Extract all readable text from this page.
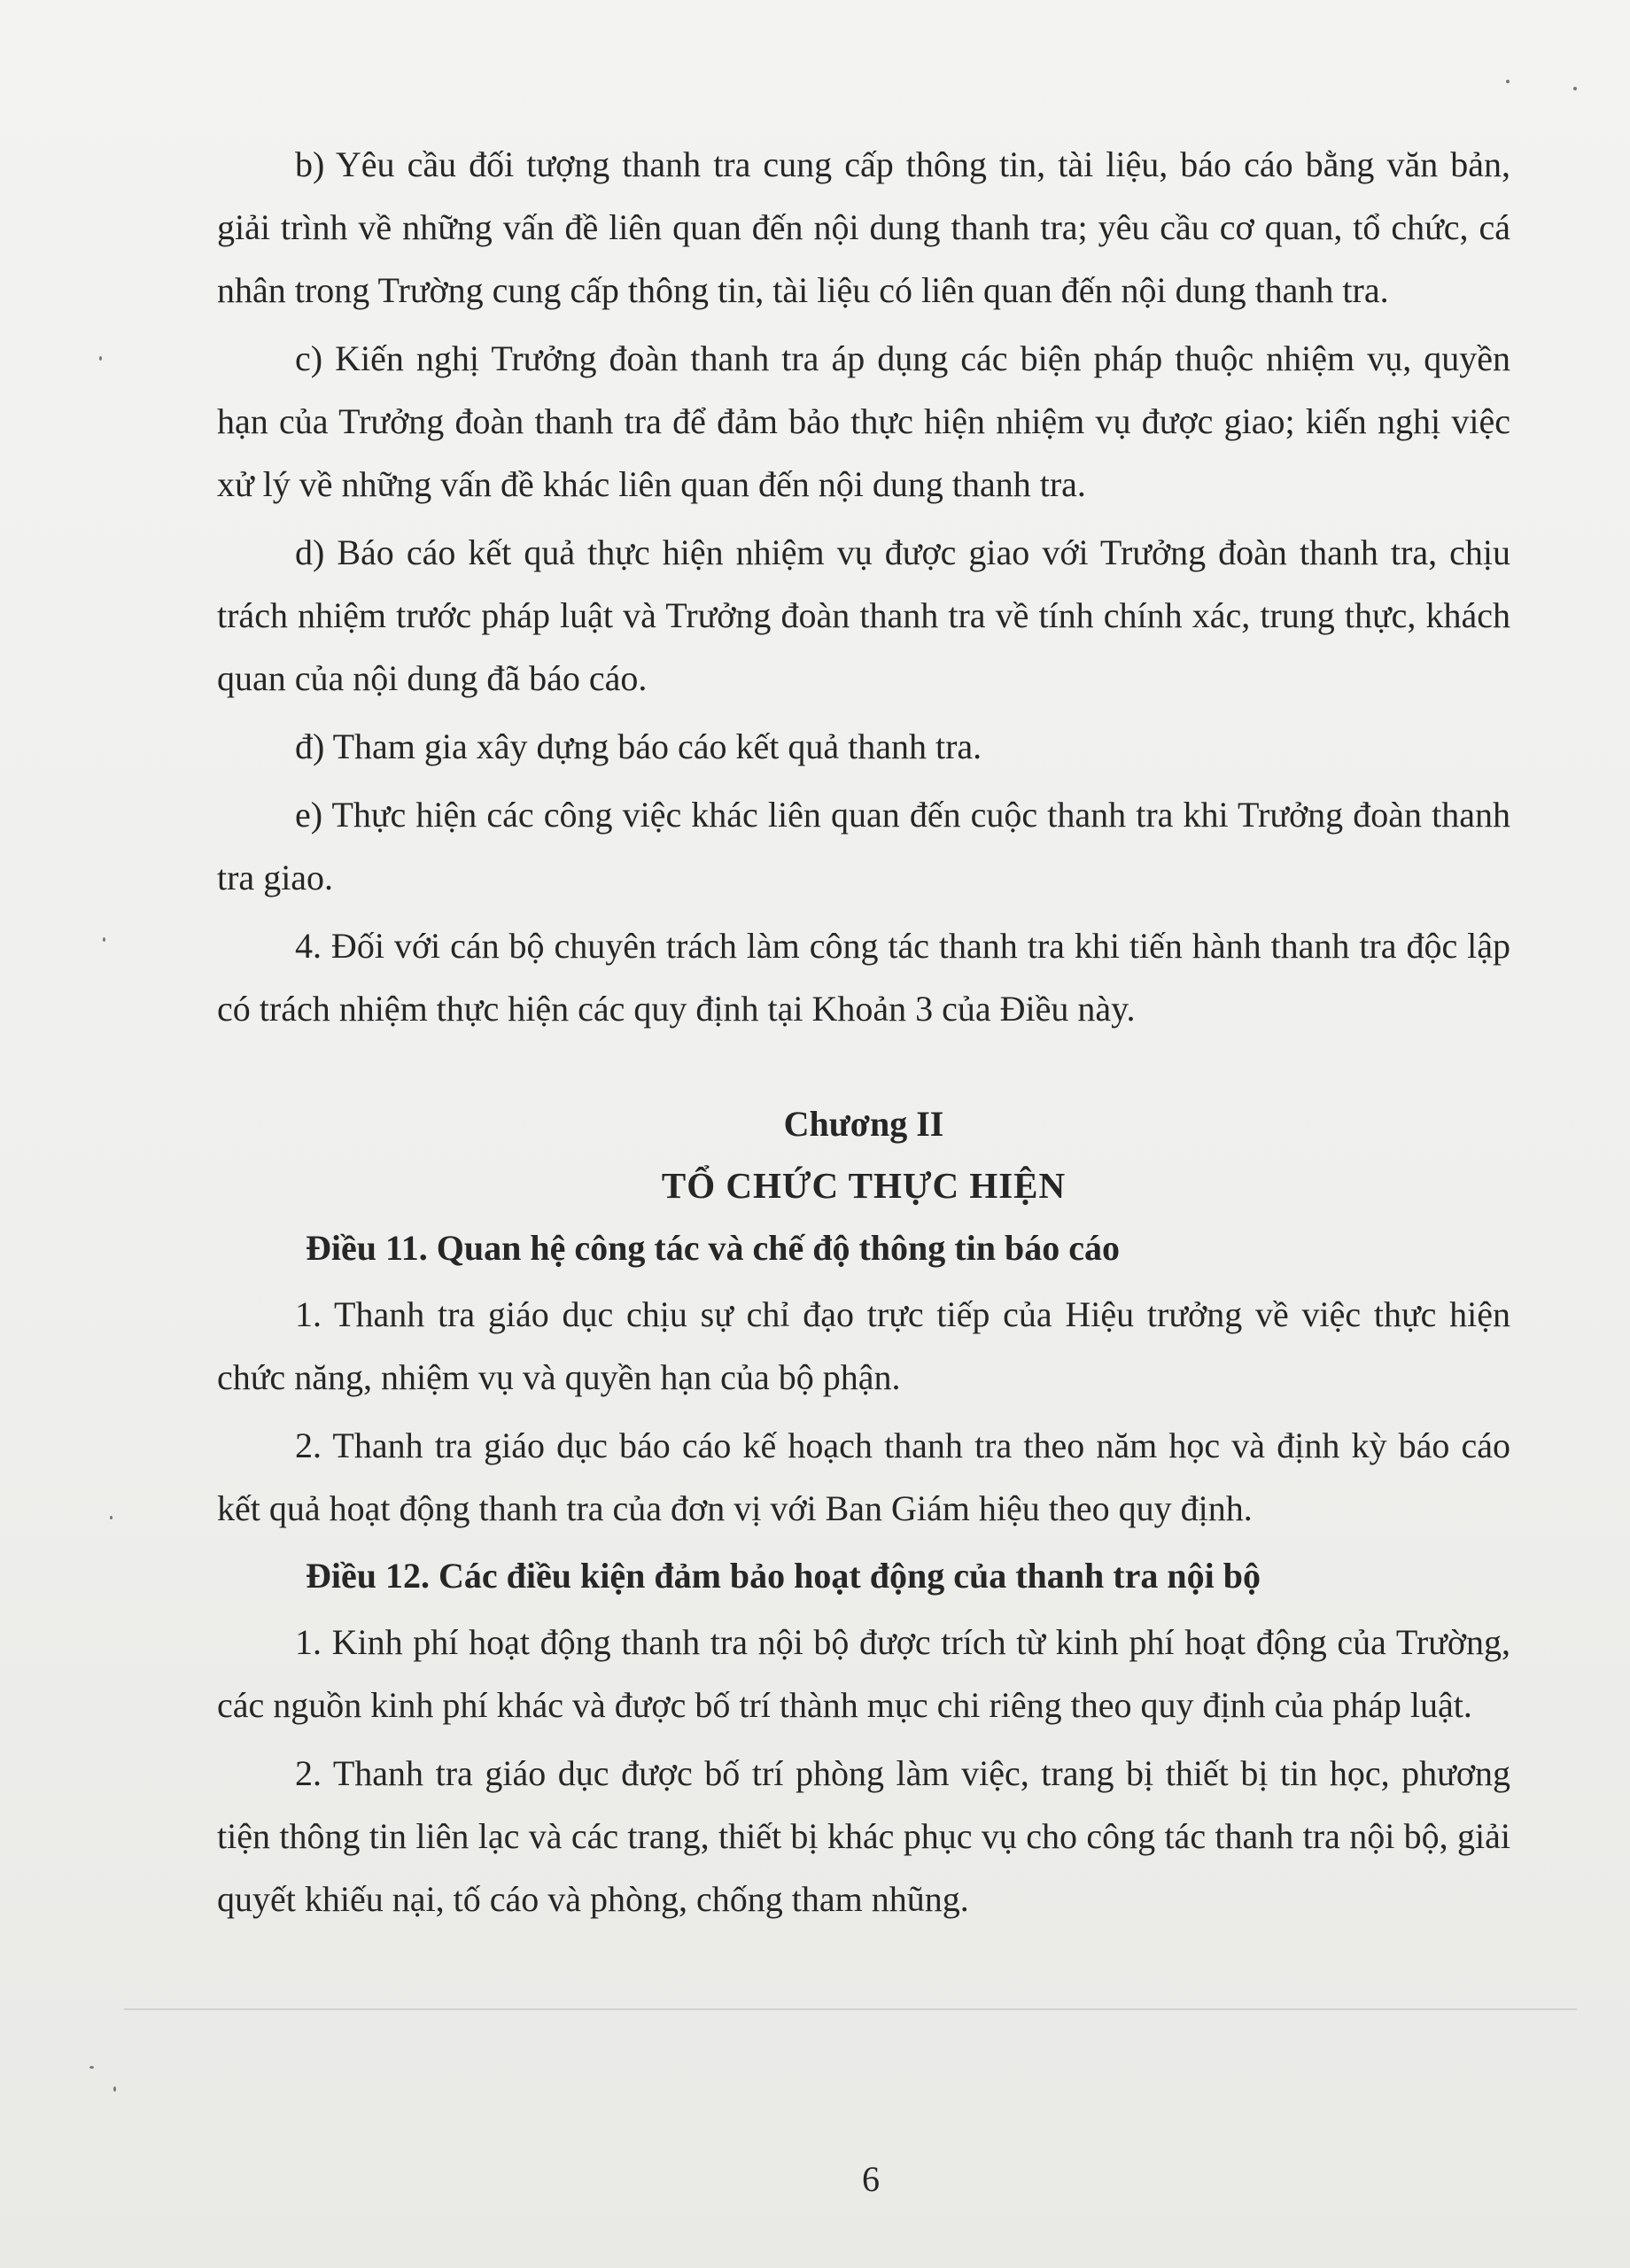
b) Yêu cầu đối tượng thanh tra cung cấp thông tin, tài liệu, báo cáo bằng văn bản, giải trình về những vấn đề liên quan đến nội dung thanh tra; yêu cầu cơ quan, tổ chức, cá nhân trong Trường cung cấp thông tin, tài liệu có liên quan đến nội dung thanh tra.

c) Kiến nghị Trưởng đoàn thanh tra áp dụng các biện pháp thuộc nhiệm vụ, quyền hạn của Trưởng đoàn thanh tra để đảm bảo thực hiện nhiệm vụ được giao; kiến nghị việc xử lý về những vấn đề khác liên quan đến nội dung thanh tra.

d) Báo cáo kết quả thực hiện nhiệm vụ được giao với Trưởng đoàn thanh tra, chịu trách nhiệm trước pháp luật và Trưởng đoàn thanh tra về tính chính xác, trung thực, khách quan của nội dung đã báo cáo.

đ) Tham gia xây dựng báo cáo kết quả thanh tra.

e) Thực hiện các công việc khác liên quan đến cuộc thanh tra khi Trưởng đoàn thanh tra giao.

4. Đối với cán bộ chuyên trách làm công tác thanh tra khi tiến hành thanh tra độc lập có trách nhiệm thực hiện các quy định tại Khoản 3 của Điều này.

Chương II
TỔ CHỨC THỰC HIỆN
Điều 11. Quan hệ công tác và chế độ thông tin báo cáo

1. Thanh tra giáo dục chịu sự chỉ đạo trực tiếp của Hiệu trưởng về việc thực hiện chức năng, nhiệm vụ và quyền hạn của bộ phận.

2. Thanh tra giáo dục báo cáo kế hoạch thanh tra theo năm học và định kỳ báo cáo kết quả hoạt động thanh tra của đơn vị với Ban Giám hiệu theo quy định.

Điều 12. Các điều kiện đảm bảo hoạt động của thanh tra nội bộ

1. Kinh phí hoạt động thanh tra nội bộ được trích từ kinh phí hoạt động của Trường, các nguồn kinh phí khác và được bố trí thành mục chi riêng theo quy định của pháp luật.

2. Thanh tra giáo dục được bố trí phòng làm việc, trang bị thiết bị tin học, phương tiện thông tin liên lạc và các trang, thiết bị khác phục vụ cho công tác thanh tra nội bộ, giải quyết khiếu nại, tố cáo và phòng, chống tham nhũng.

6
